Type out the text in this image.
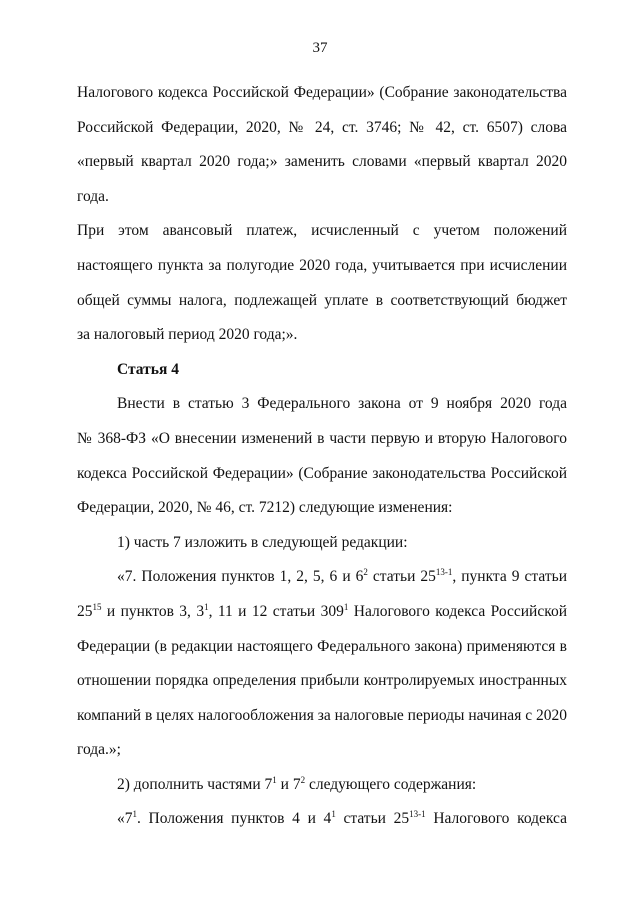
37

Налогового кодекса Российской Федерации» (Собрание законодательства

Российской Федерации, 2020, № 24, ст. 3746; № 42, ст. 6507) слова

«первый квартал 2020 года;» заменить словами «первый квартал 2020 года.

При этом авансовый платеж, исчисленный с учетом положений

настоящего пункта за полугодие 2020 года, учитывается при исчислении

общей суммы налога, подлежащей уплате в соответствующий бюджет

за налоговый период 2020 года;».

Статья 4

Внести в статью 3 Федерального закона от 9 ноября 2020 года

№ 368-ФЗ «О внесении изменений в части первую и вторую Налогового

кодекса Российской Федерации» (Собрание законодательства Российской

Федерации, 2020, № 46, ст. 7212) следующие изменения:

1) часть 7 изложить в следующей редакции:

«7. Положения пунктов 1, 2, 5, 6 и $6^2$ статьи 25$^{13-1}$, пункта 9 статьи

$25^{15}$ и пунктов 3, $3^1$, 11 и 12 статьи $309^1$ Налогового кодекса Российской

Федерации (в редакции настоящего Федерального закона) применяются в

отношении порядка определения прибыли контролируемых иностранных

компаний в целях налогообложения за налоговые периоды начиная с 2020

года.»;

2) дополнить частями $7^1$ и $7^2$ следующего содержания:

«$7^1$. Положения пунктов 4 и $4^1$ статьи 25$^{13-1}$ Налогового кодекса
